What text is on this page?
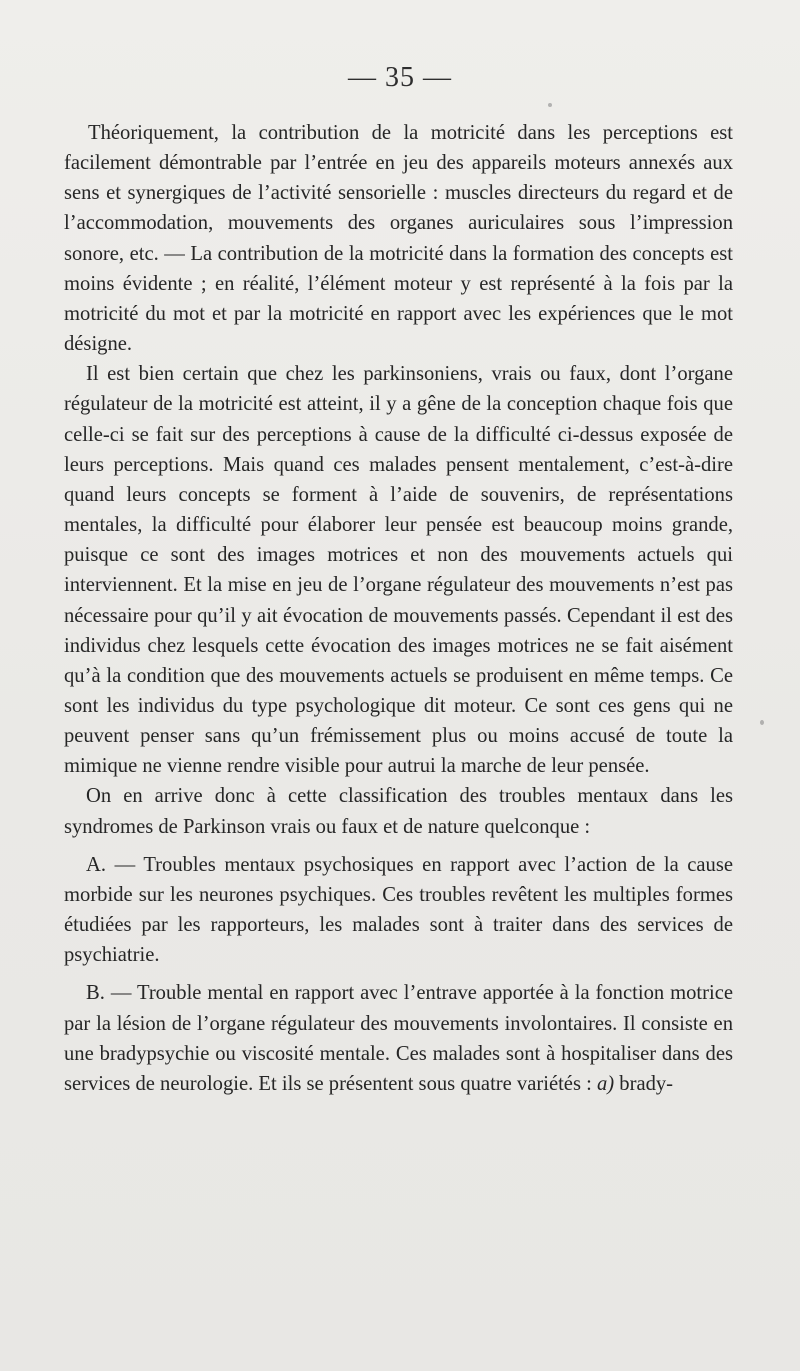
— 35 —

Théoriquement, la contribution de la motricité dans les perceptions est facilement démontrable par l’entrée en jeu des appareils moteurs annexés aux sens et synergiques de l’activité sensorielle : muscles directeurs du regard et de l’accommodation, mouvements des organes auriculaires sous l’impression sonore, etc. — La contribution de la motricité dans la formation des concepts est moins évidente ; en réalité, l’élément moteur y est représenté à la fois par la motricité du mot et par la motricité en rapport avec les expériences que le mot désigne.

Il est bien certain que chez les parkinsoniens, vrais ou faux, dont l’organe régulateur de la motricité est atteint, il y a gêne de la conception chaque fois que celle-ci se fait sur des perceptions à cause de la difficulté ci-dessus exposée de leurs perceptions. Mais quand ces malades pensent mentalement, c’est-à-dire quand leurs concepts se forment à l’aide de souvenirs, de représentations mentales, la difficulté pour élaborer leur pensée est beaucoup moins grande, puisque ce sont des images motrices et non des mouvements actuels qui interviennent. Et la mise en jeu de l’organe régulateur des mouvements n’est pas nécessaire pour qu’il y ait évocation de mouvements passés. Cependant il est des individus chez lesquels cette évocation des images motrices ne se fait aisément qu’à la condition que des mouvements actuels se produisent en même temps. Ce sont les individus du type psychologique dit moteur. Ce sont ces gens qui ne peuvent penser sans qu’un frémissement plus ou moins accusé de toute la mimique ne vienne rendre visible pour autrui la marche de leur pensée.

On en arrive donc à cette classification des troubles mentaux dans les syndromes de Parkinson vrais ou faux et de nature quelconque :

A. — Troubles mentaux psychosiques en rapport avec l’action de la cause morbide sur les neurones psychiques. Ces troubles revêtent les multiples formes étudiées par les rapporteurs, les malades sont à traiter dans des services de psychiatrie.

B. — Trouble mental en rapport avec l’entrave apportée à la fonction motrice par la lésion de l’organe régulateur des mouvements involontaires. Il consiste en une bradypsychie ou viscosité mentale. Ces malades sont à hospitaliser dans des services de neurologie. Et ils se présentent sous quatre variétés : a) brady-
